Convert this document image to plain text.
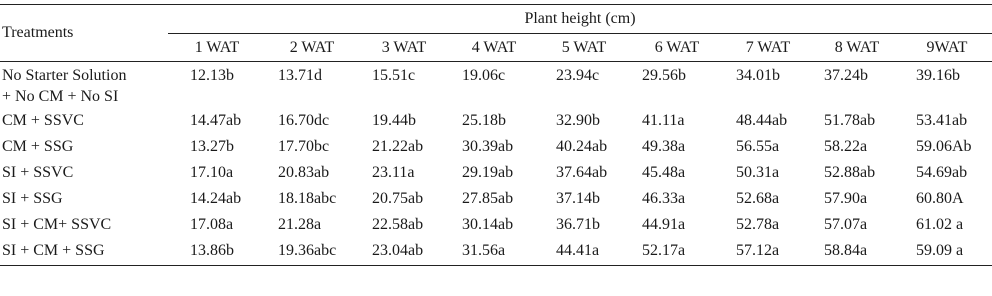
Treatments	Plant height (cm)								
	1 WAT	2 WAT	3 WAT	4 WAT	5 WAT	6 WAT	7 WAT	8 WAT	9WAT

No Starter Solution
+ No CM + No SI	12.13b	13.71d	15.51c	19.06c	23.94c	29.56b	34.01b	37.24b	39.16b
CM + SSVC	14.47ab	16.70dc	19.44b	25.18b	32.90b	41.11a	48.44ab	51.78ab	53.41ab
CM + SSG	13.27b	17.70bc	21.22ab	30.39ab	40.24ab	49.38a	56.55a	58.22a	59.06Ab
SI + SSVC	17.10a	20.83ab	23.11a	29.19ab	37.64ab	45.48a	50.31a	52.88ab	54.69ab
SI + SSG	14.24ab	18.18abc	20.75ab	27.85ab	37.14b	46.33a	52.68a	57.90a	60.80A
SI + CM+ SSVC	17.08a	21.28a	22.58ab	30.14ab	36.71b	44.91a	52.78a	57.07a	61.02 a
SI + CM + SSG	13.86b	19.36abc	23.04ab	31.56a	44.41a	52.17a	57.12a	58.84a	59.09 a
